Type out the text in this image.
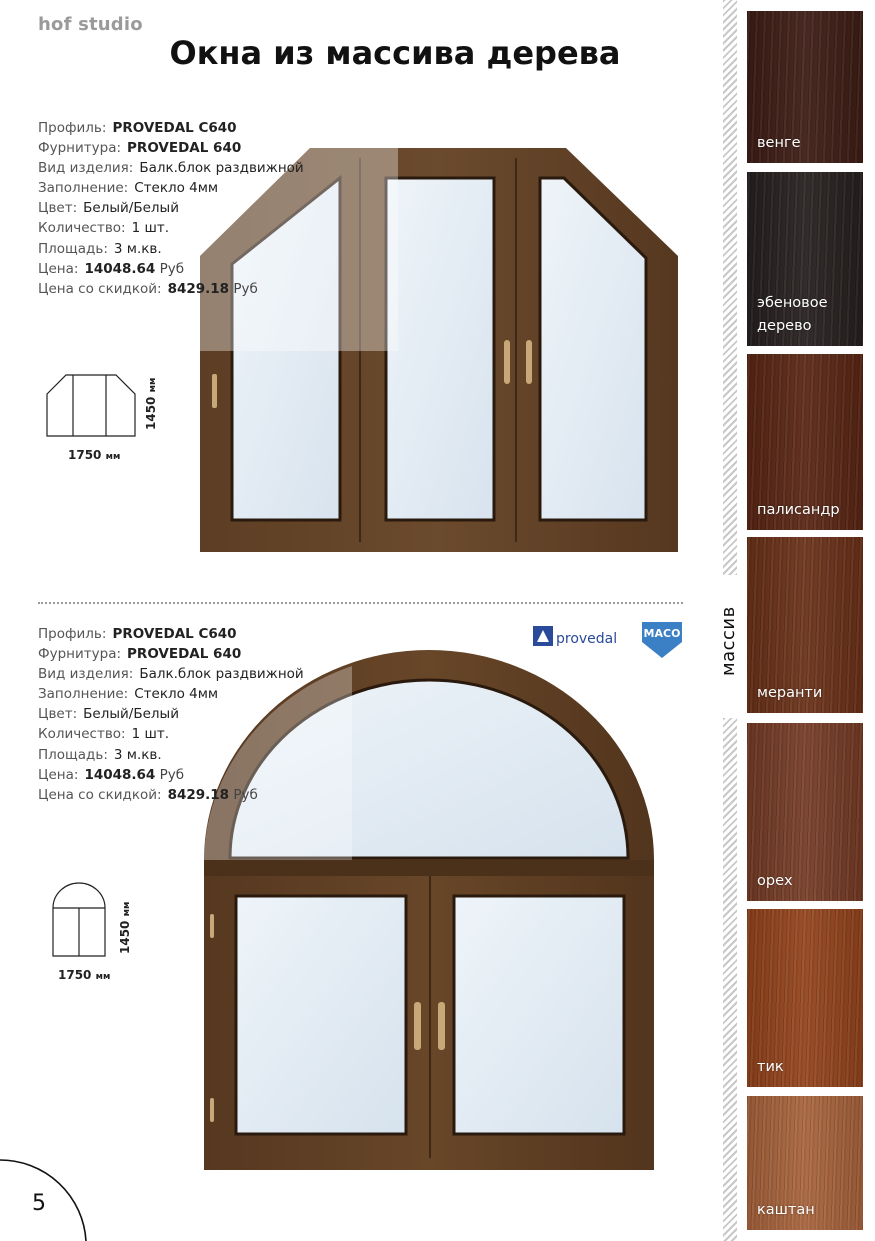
hof studio
Окна из массива дерева
Профиль: PROVEDAL C640
Фурнитура: PROVEDAL 640
Вид изделия: Балк.блок раздвижной
Заполнение: Стекло 4мм
Цвет: Белый/Белый
Количество: 1 шт.
Площадь: 3 м.кв.
Цена: 14048.64 Руб
Цена со скидкой: 8429.18 Руб
1750 мм
1450 мм
provedal MACO
Профиль: PROVEDAL C640
Фурнитура: PROVEDAL 640
Вид изделия: Балк.блок раздвижной
Заполнение: Стекло 4мм
Цвет: Белый/Белый
Количество: 1 шт.
Площадь: 3 м.кв.
Цена: 14048.64 Руб
Цена со скидкой: 8429.18 Руб
1750 мм
1450 мм
массив
венге
эбеновое дерево
палисандр
меранти
орех
тик
каштан
5
